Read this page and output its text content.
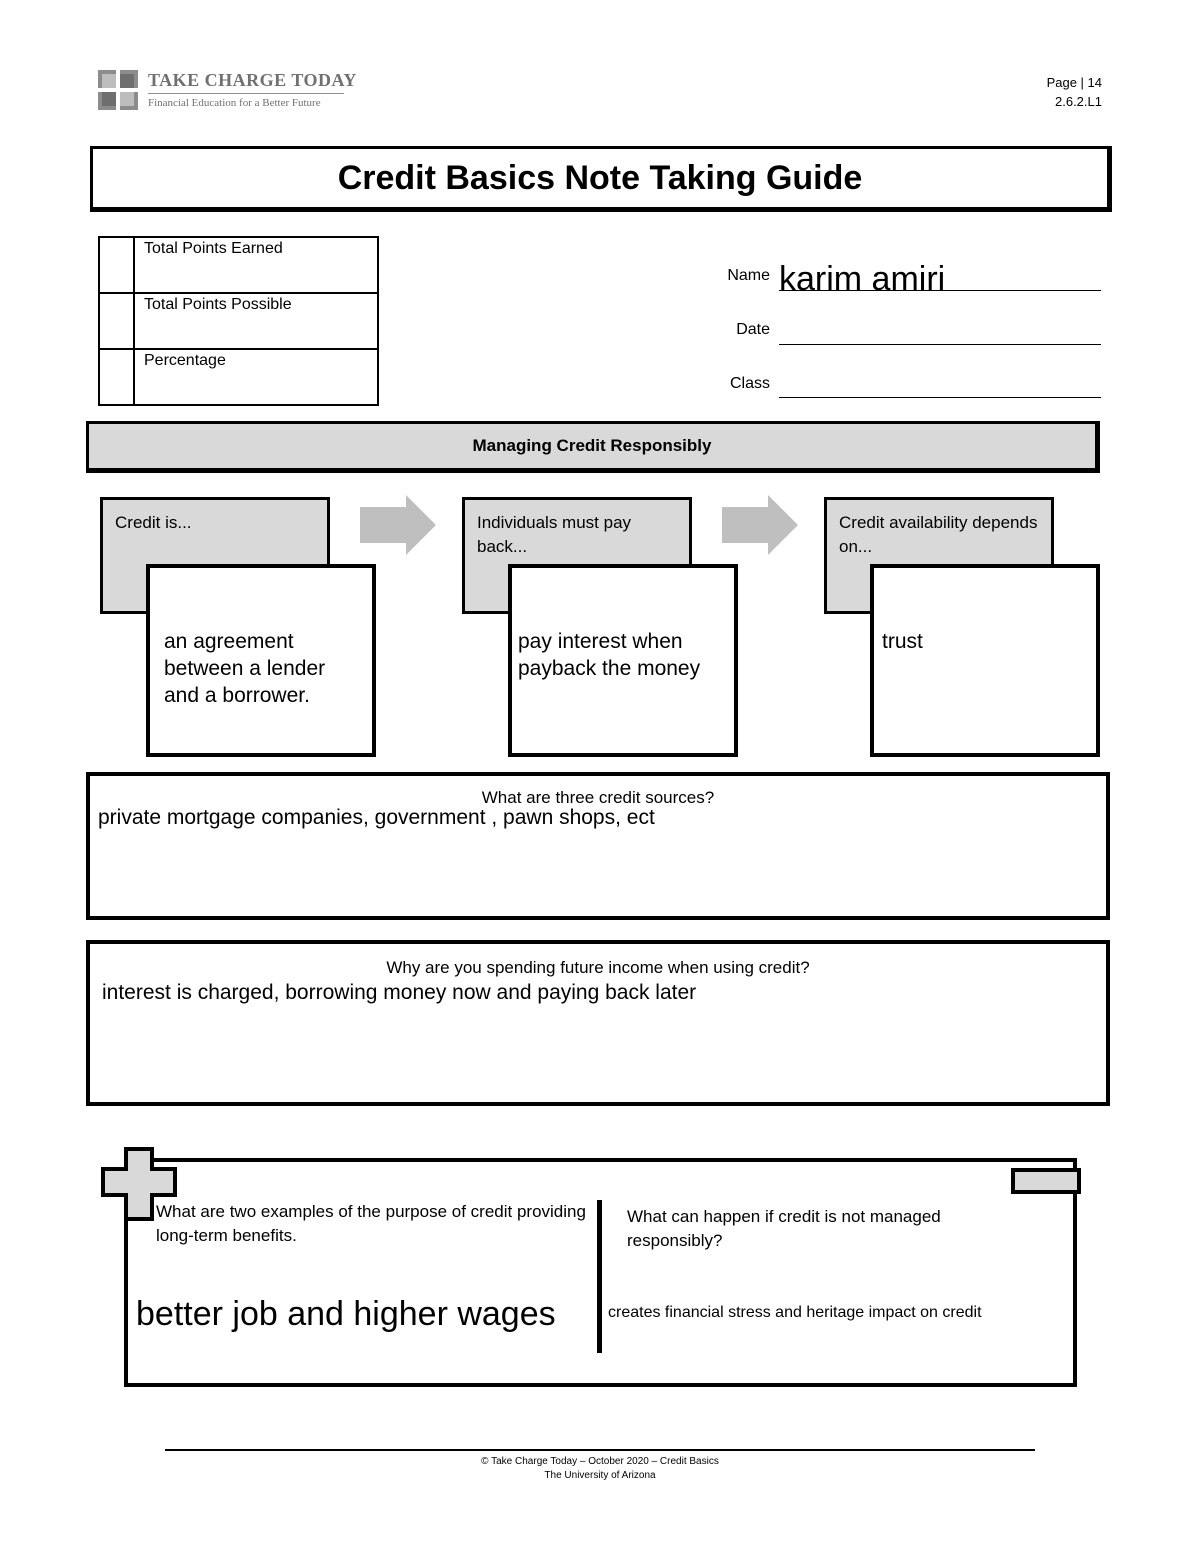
TAKE CHARGE TODAY
Financial Education for a Better Future
Page | 14
2.6.2.L1
Credit Basics Note Taking Guide
	Total Points Earned
	Total Points Possible
	Percentage
Name karim amiri
Date
Class
Managing Credit Responsibly
Credit is...
an agreement between a lender and a borrower.
Individuals must pay back...
pay interest when payback the money
Credit availability depends on...
trust
What are three credit sources?
private mortgage companies, government , pawn shops, ect
Why are you spending future income when using credit?
interest is charged, borrowing money now and paying back later
What are two examples of the purpose of credit providing long-term benefits.
better job and higher wages
What can happen if credit is not managed responsibly?
creates financial stress and heritage impact on credit
© Take Charge Today – October 2020 – Credit Basics
The University of Arizona
